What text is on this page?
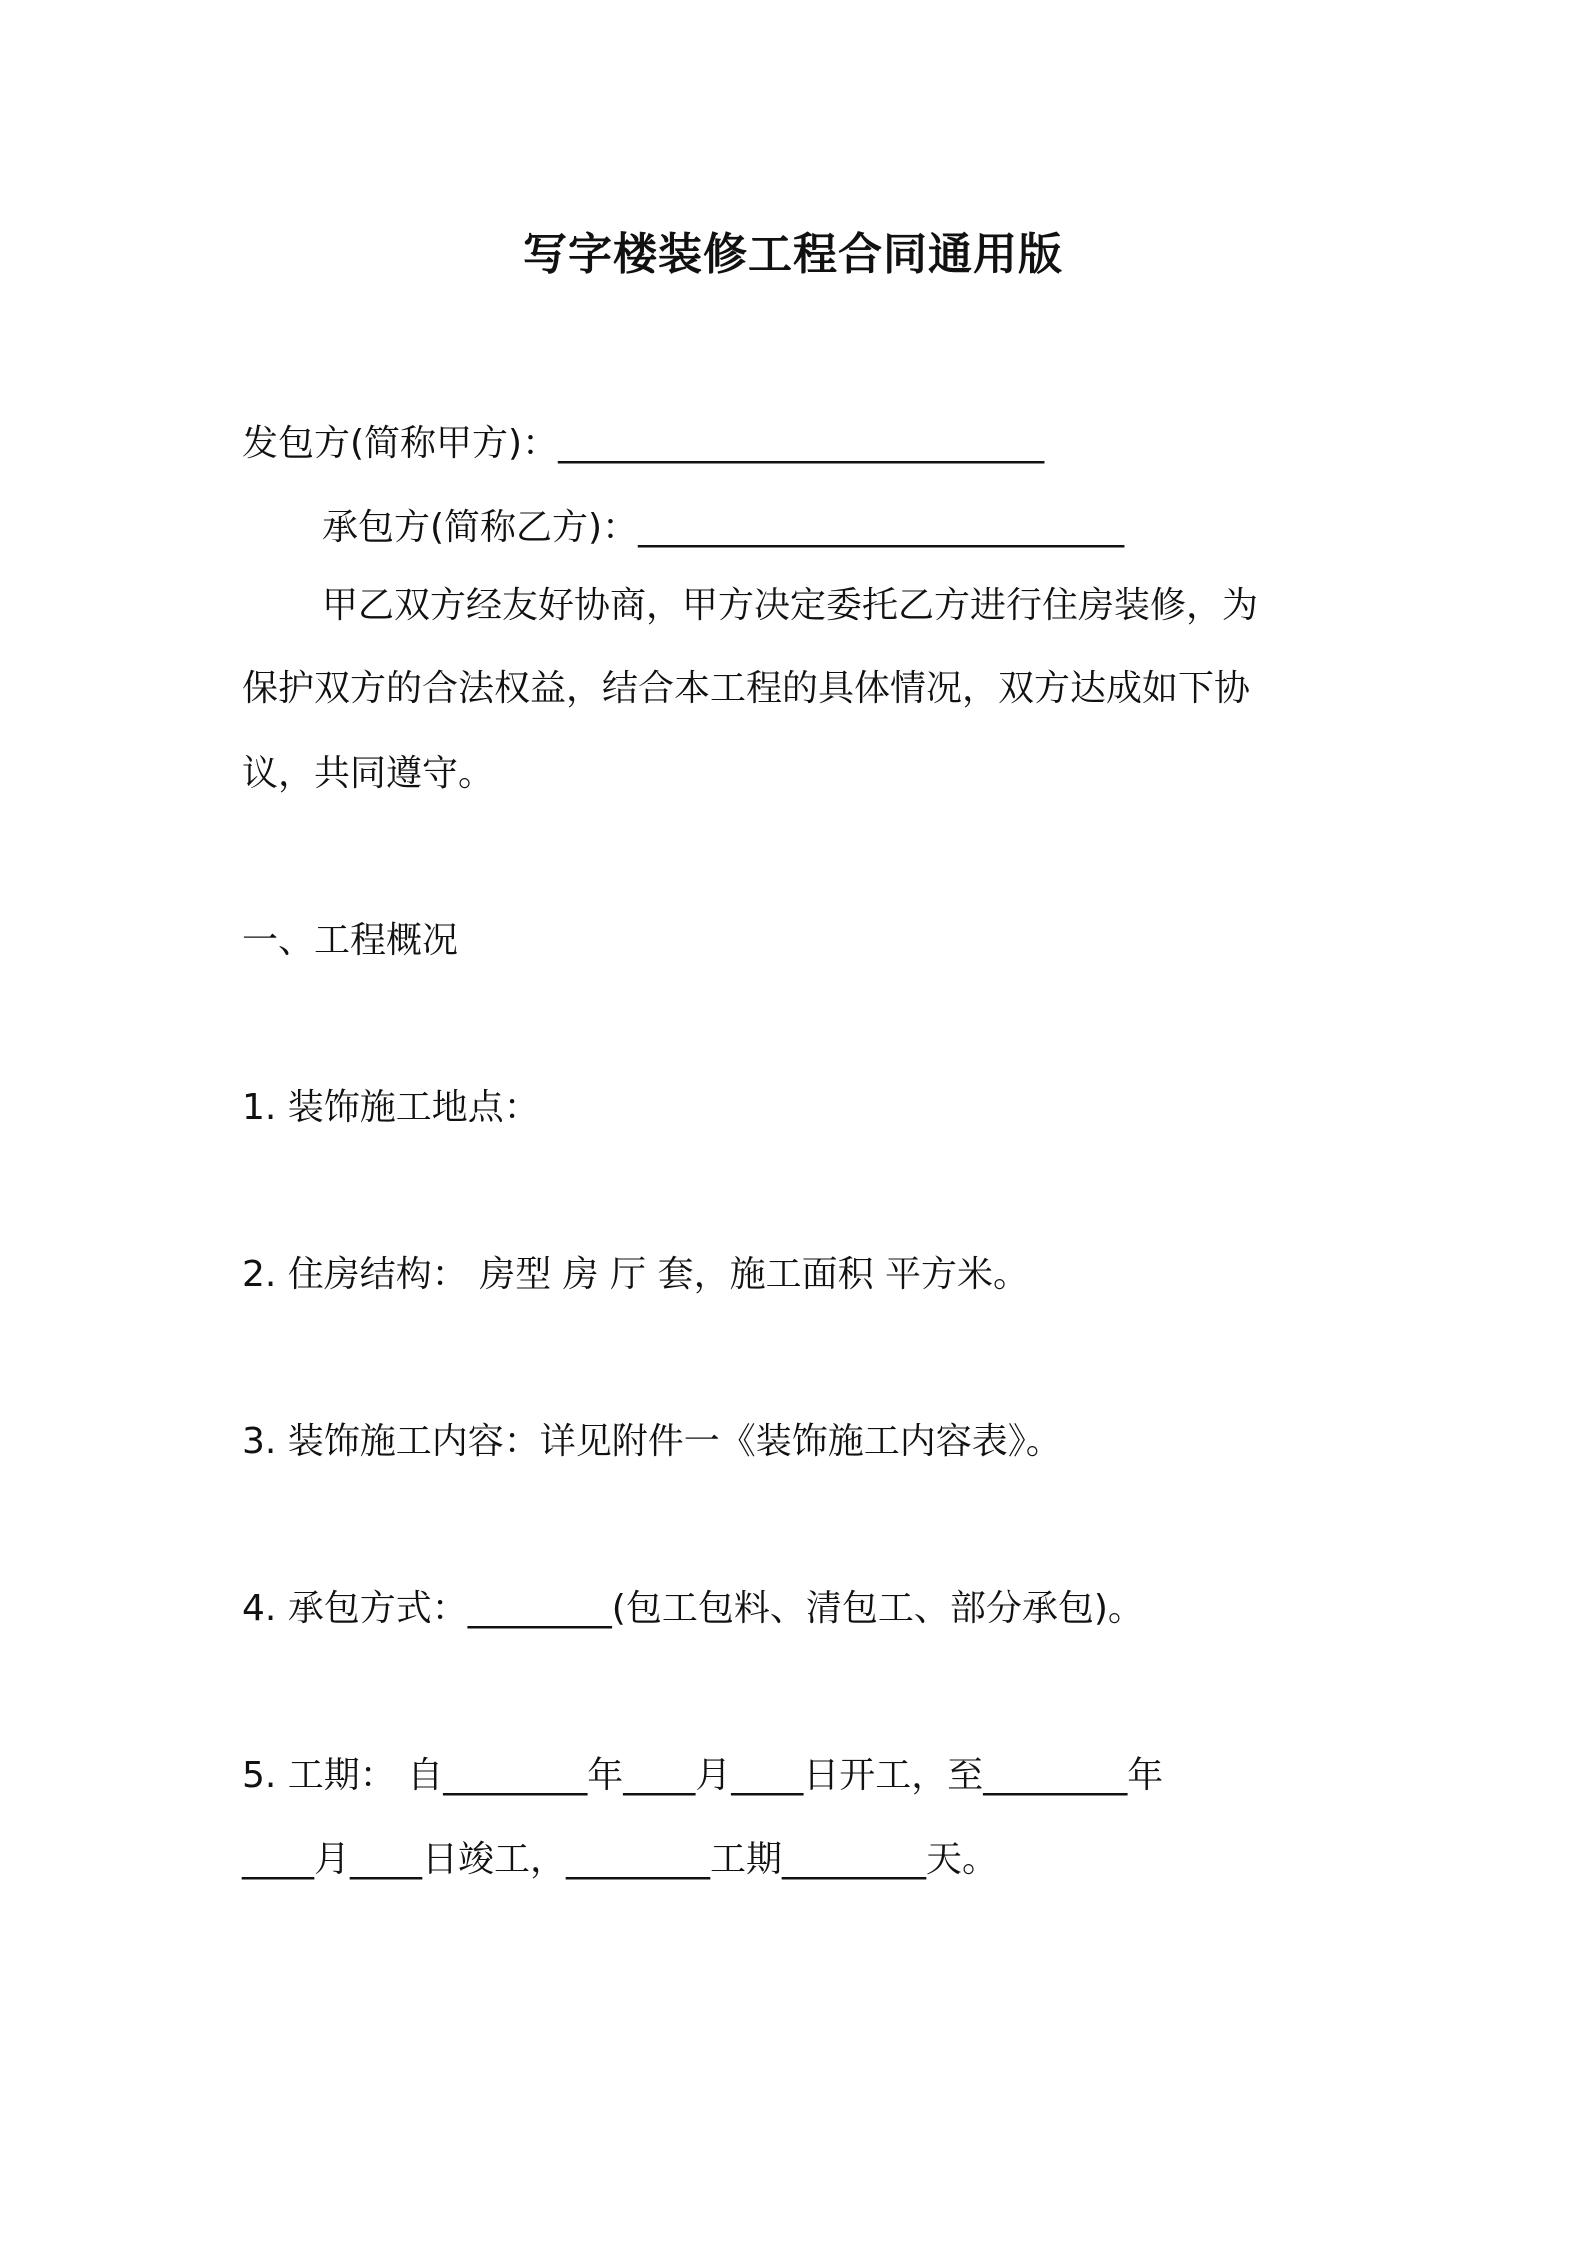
写字楼装修工程合同通用版
发包方(简称甲方)：___________________________
承包方(简称乙方)：___________________________
甲乙双方经友好协商，甲方决定委托乙方进行住房装修，为
保护双方的合法权益，结合本工程的具体情况，双方达成如下协
议，共同遵守。
一、工程概况
1. 装饰施工地点：
2. 住房结构： 房型 房 厅 套，施工面积 平方米。
3. 装饰施工内容：详见附件一《装饰施工内容表》。
4. 承包方式：________(包工包料、清包工、部分承包)。
5. 工期： 自________年____月____日开工，至________年
____月____日竣工，________工期________天。
